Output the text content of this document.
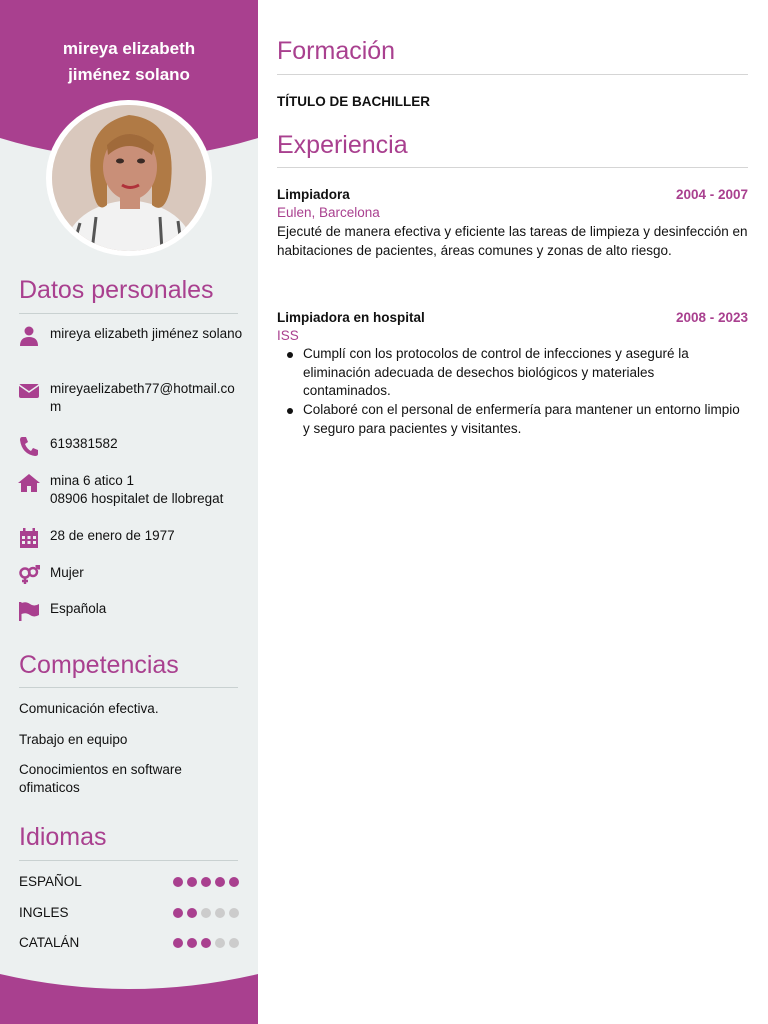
mireya elizabeth
jiménez solano
Datos personales
mireya elizabeth jiménez solano
mireyaelizabeth77@hotmail.com
619381582
mina 6 atico 1
08906 hospitalet de llobregat
28 de enero de 1977
Mujer
Española
Competencias
Comunicación efectiva.
Trabajo en equipo
Conocimientos en software ofimaticos
Idiomas
ESPAÑOL
INGLES
CATALÁN
Formación
TÍTULO DE BACHILLER
Experiencia
Limpiadora	2004 - 2007
Eulen, Barcelona
Ejecuté de manera efectiva y eficiente las tareas de limpieza y desinfección en habitaciones de pacientes, áreas comunes y zonas de alto riesgo.
Limpiadora en hospital	2008 - 2023
ISS
Cumplí con los protocolos de control de infecciones y aseguré la eliminación adecuada de desechos biológicos y materiales contaminados.
Colaboré con el personal de enfermería para mantener un entorno limpio y seguro para pacientes y visitantes.
